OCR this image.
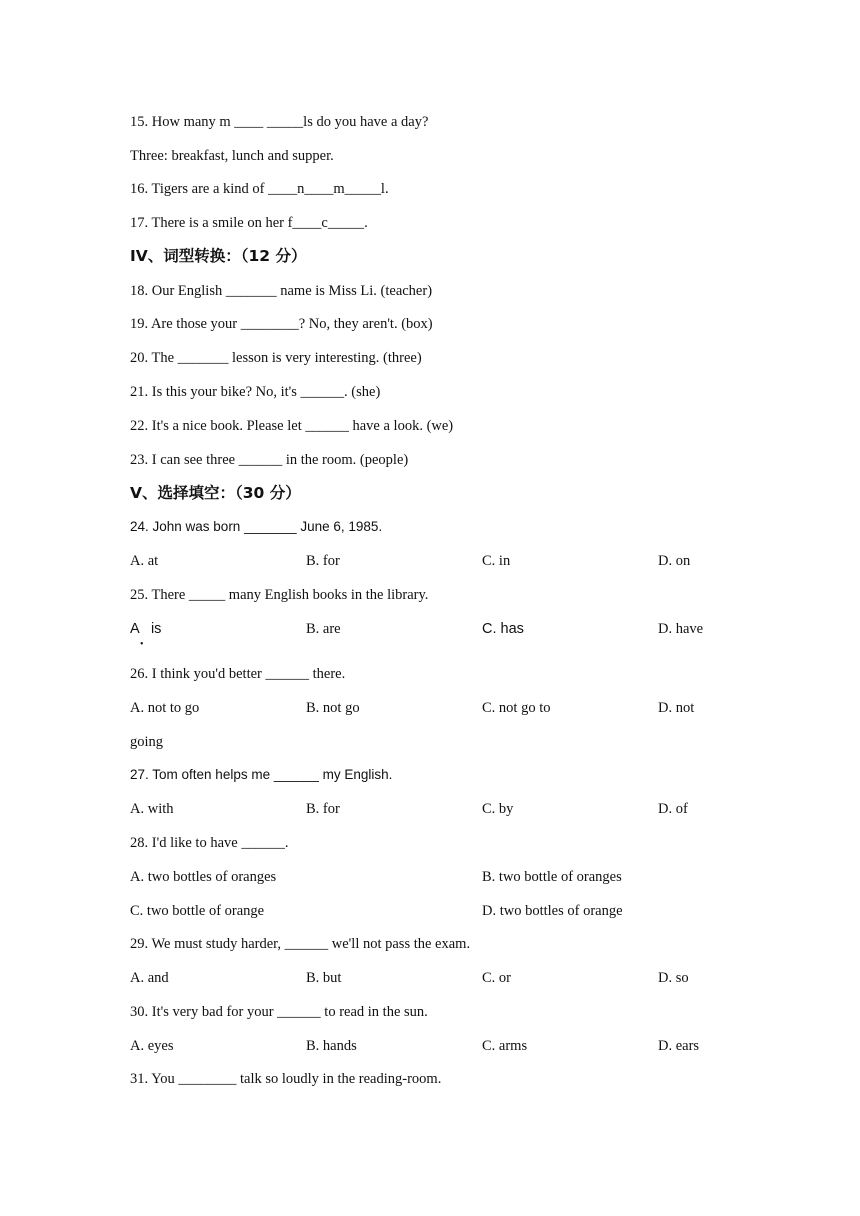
15. How many m ____ _____ls do you have a day?
Three: breakfast, lunch and supper.
16. Tigers are a kind of ____n____m_____l.
17. There is a smile on her f____c_____.
IV、词型转换：（12 分）
18. Our English _______ name is Miss Li. (teacher)
19. Are those your ________? No, they aren't. (box)
20. The _______ lesson is very interesting. (three)
21. Is this your bike? No, it's ______. (she)
22. It's a nice book. Please let ______ have a look. (we)
23. I can see three ______ in the room. (people)
V、选择填空：（30 分）
24. John was born _______ June 6, 1985.
A. at	B. for	C. in	D. on
25. There _____ many English books in the library.
A   is
•
B. are	C. has	D. have
26. I think you'd better ______ there.
A. not to go	B. not go	C. not go to	D. not
going
27. Tom often helps me ______ my English.
A. with	B. for	C. by	D. of
28. I'd like to have ______.
A. two bottles of oranges	B. two bottle of oranges
C. two bottle of orange	D. two bottles of orange
29. We must study harder, ______ we'll not pass the exam.
A. and	B. but	C. or	D. so
30. It's very bad for your ______ to read in the sun.
A. eyes	B. hands	C. arms	D. ears
31. You ________ talk so loudly in the reading-room.
